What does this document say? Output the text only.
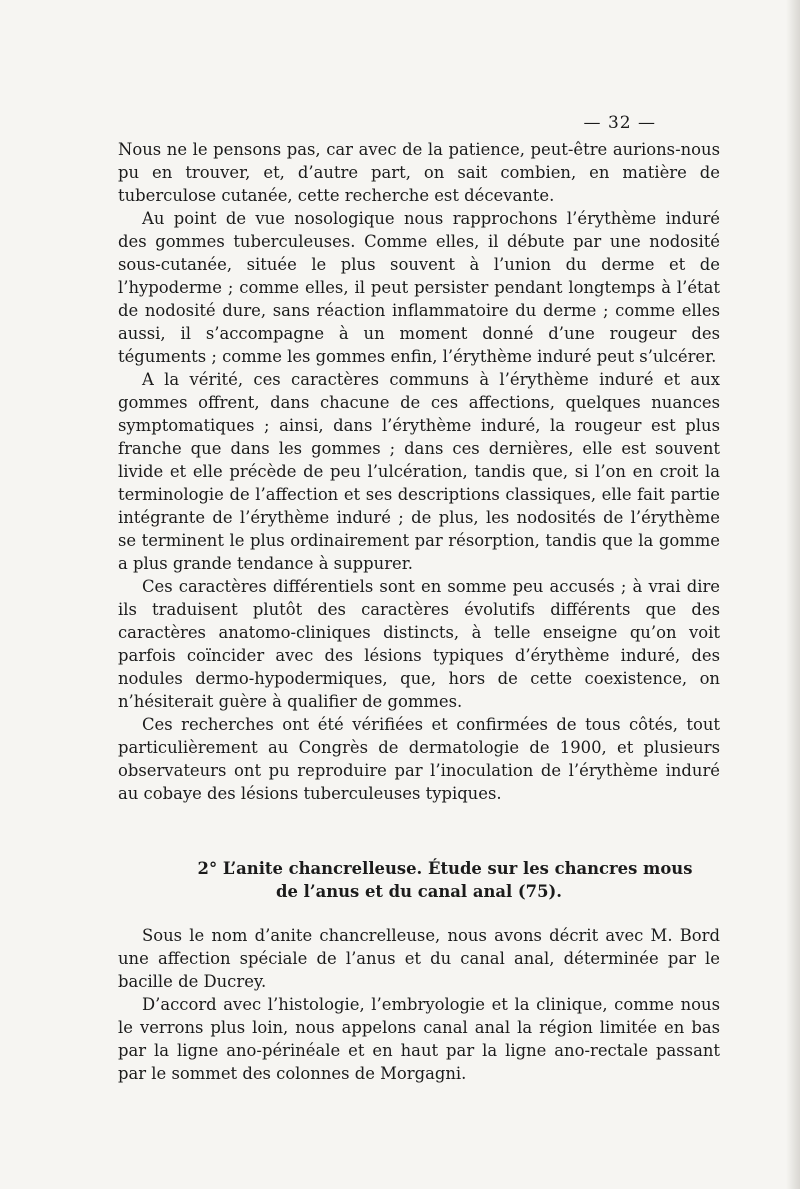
— 32 —

Nous ne le pensons pas, car avec de la patience, peut-être aurions-nous pu en trouver, et, d’autre part, on sait combien, en matière de tuberculose cutanée, cette recherche est décevante.

Au point de vue nosologique nous rapprochons l’érythème induré des gommes tuberculeuses. Comme elles, il débute par une nodosité sous-cutanée, située le plus souvent à l’union du derme et de l’hypoderme ; comme elles, il peut persister pendant longtemps à l’état de nodosité dure, sans réaction inflammatoire du derme ; comme elles aussi, il s’accompagne à un moment donné d’une rougeur des téguments ; comme les gommes enfin, l’érythème induré peut s’ulcérer.

A la vérité, ces caractères communs à l’érythème induré et aux gommes offrent, dans chacune de ces affections, quelques nuances symptomatiques ; ainsi, dans l’érythème induré, la rougeur est plus franche que dans les gommes ; dans ces dernières, elle est souvent livide et elle précède de peu l’ulcération, tandis que, si l’on en croit la terminologie de l’affection et ses descriptions classiques, elle fait partie intégrante de l’érythème induré ; de plus, les nodosités de l’érythème se terminent le plus ordinairement par résorption, tandis que la gomme a plus grande tendance à suppurer.

Ces caractères différentiels sont en somme peu accusés ; à vrai dire ils traduisent plutôt des caractères évolutifs différents que des caractères anatomo-cliniques distincts, à telle enseigne qu’on voit parfois coïncider avec des lésions typiques d’érythème induré, des nodules dermo-hypodermiques, que, hors de cette coexistence, on n’hésiterait guère à qualifier de gommes.

Ces recherches ont été vérifiées et confirmées de tous côtés, tout particulièrement au Congrès de dermatologie de 1900, et plusieurs observateurs ont pu reproduire par l’inoculation de l’érythème induré au cobaye des lésions tuberculeuses typiques.

2° L’anite chancrelleuse. Étude sur les chancres mous
de l’anus et du canal anal (75).

Sous le nom d’anite chancrelleuse, nous avons décrit avec M. Bord une affection spéciale de l’anus et du canal anal, déterminée par le bacille de Ducrey.

D’accord avec l’histologie, l’embryologie et la clinique, comme nous le verrons plus loin, nous appelons canal anal la région limitée en bas par la ligne ano-périnéale et en haut par la ligne ano-rectale passant par le sommet des colonnes de Morgagni.
